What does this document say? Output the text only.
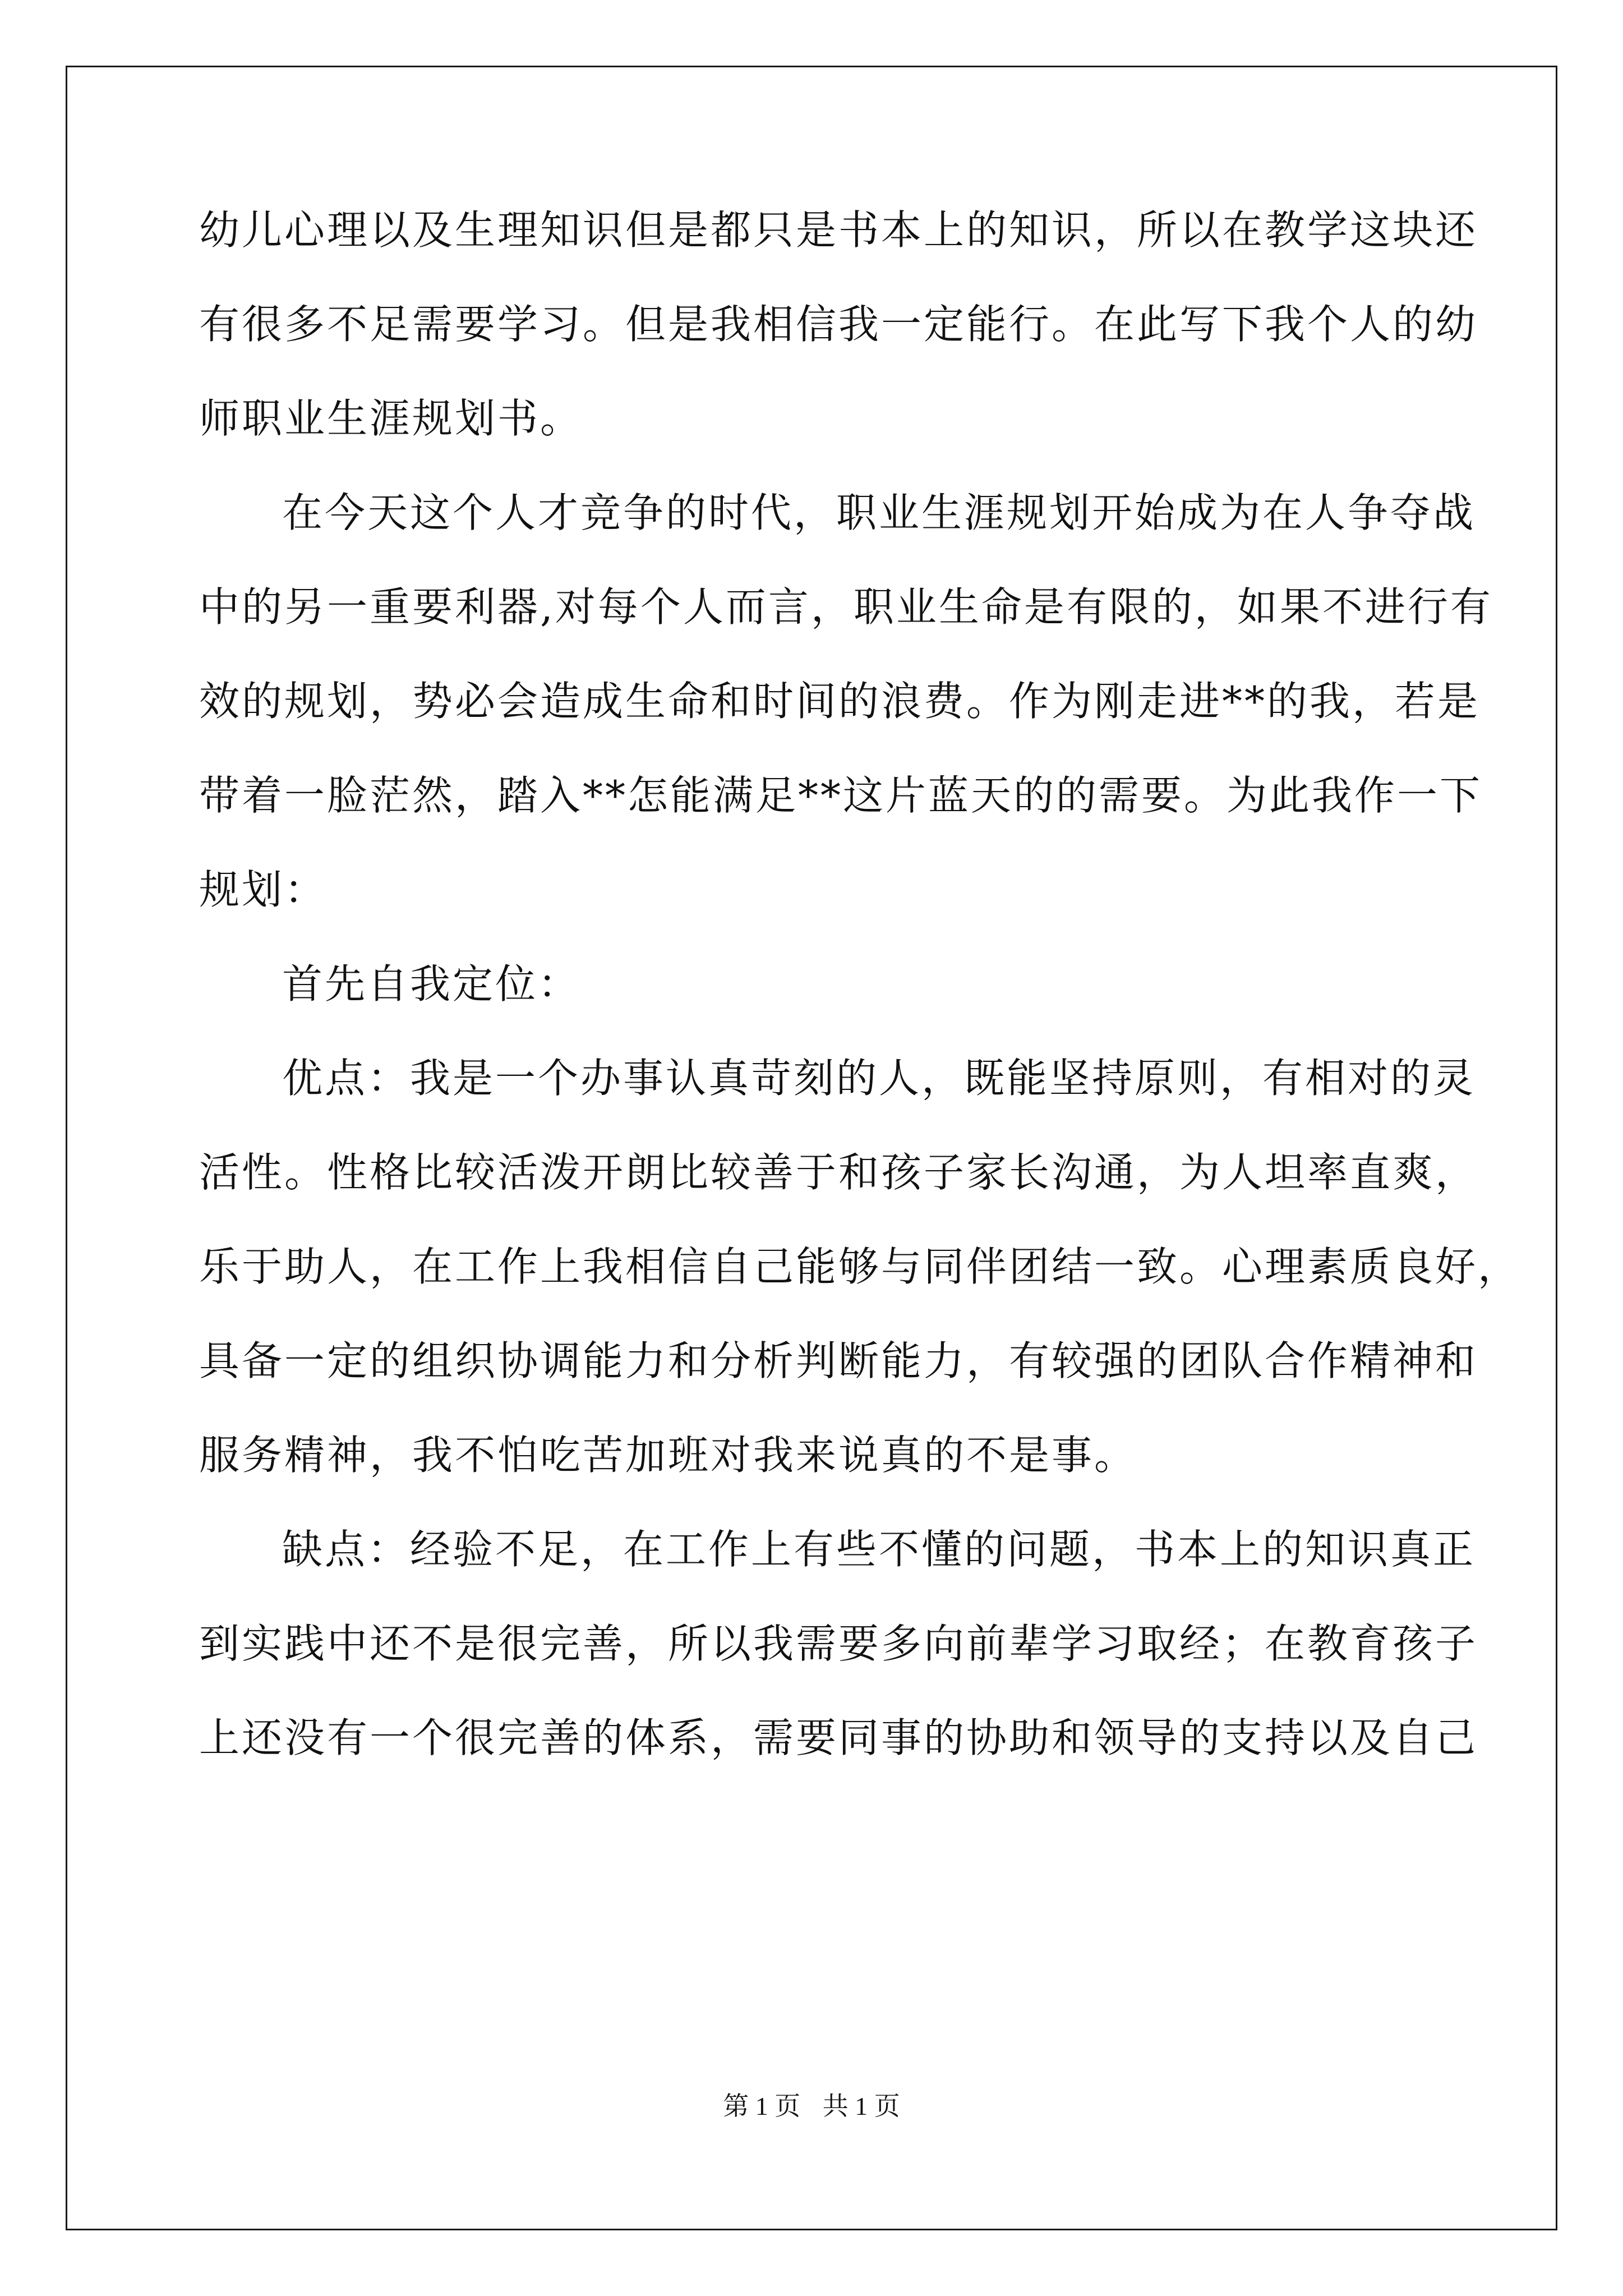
幼儿心理以及生理知识但是都只是书本上的知识，所以在教学这块还
有很多不足需要学习。但是我相信我一定能行。在此写下我个人的幼
师职业生涯规划书。
在今天这个人才竞争的时代，职业生涯规划开始成为在人争夺战
中的另一重要利器,对每个人而言，职业生命是有限的，如果不进行有
效的规划，势必会造成生命和时间的浪费。作为刚走进**的我，若是
带着一脸茫然，踏入**怎能满足**这片蓝天的的需要。为此我作一下
规划：
首先自我定位：
优点：我是一个办事认真苛刻的人，既能坚持原则，有相对的灵
活性。性格比较活泼开朗比较善于和孩子家长沟通，为人坦率直爽，
乐于助人，在工作上我相信自己能够与同伴团结一致。心理素质良好，
具备一定的组织协调能力和分析判断能力，有较强的团队合作精神和
服务精神，我不怕吃苦加班对我来说真的不是事。
缺点：经验不足，在工作上有些不懂的问题，书本上的知识真正
到实践中还不是很完善，所以我需要多向前辈学习取经；在教育孩子
上还没有一个很完善的体系，需要同事的协助和领导的支持以及自己
第 1 页 共 1 页
